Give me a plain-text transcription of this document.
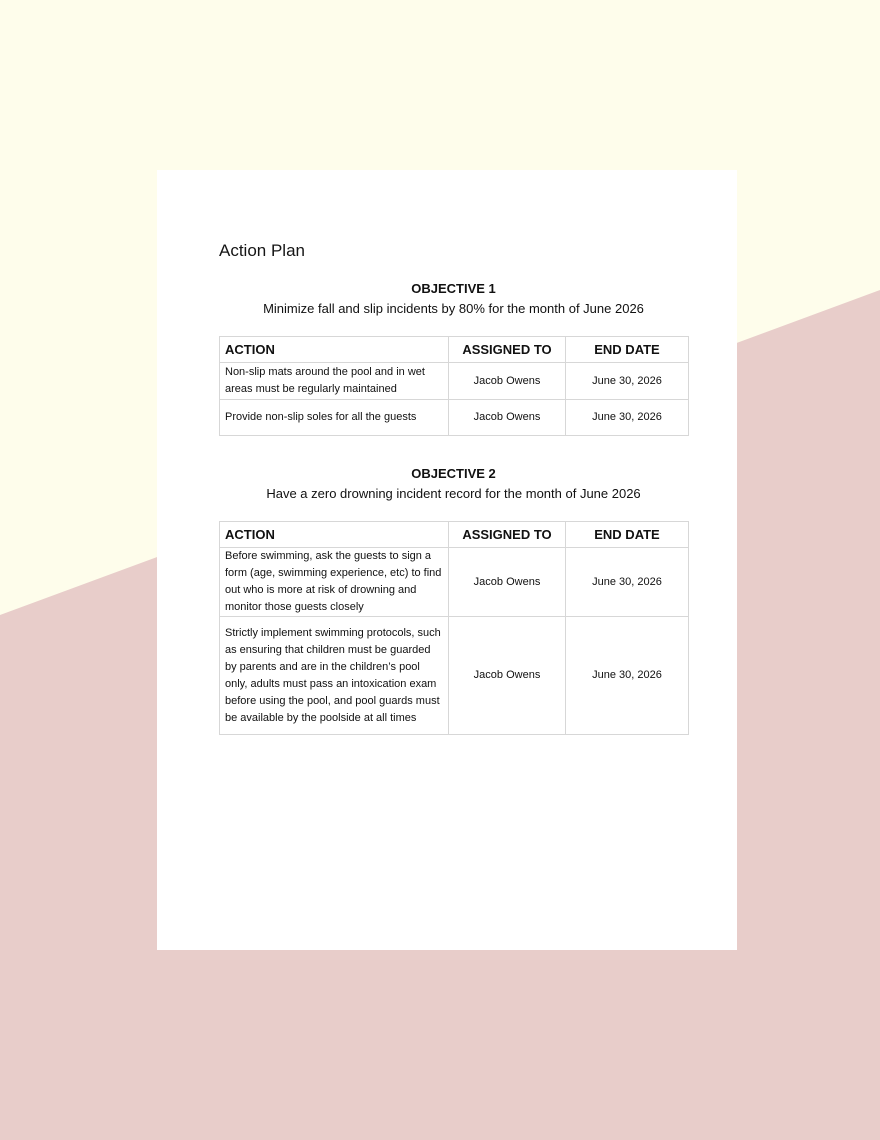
Action Plan
OBJECTIVE 1
Minimize fall and slip incidents by 80% for the month of June 2026
ACTION	ASSIGNED TO	END DATE
Non-slip mats around the pool and in wet areas must be regularly maintained	Jacob Owens	June 30, 2026
Provide non-slip soles for all the guests	Jacob Owens	June 30, 2026
OBJECTIVE 2
Have a zero drowning incident record for the month of June 2026
ACTION	ASSIGNED TO	END DATE
Before swimming, ask the guests to sign a form (age, swimming experience, etc) to find out who is more at risk of drowning and monitor those guests closely	Jacob Owens	June 30, 2026
Strictly implement swimming protocols, such as ensuring that children must be guarded by parents and are in the children’s pool only, adults must pass an intoxication exam before using the pool, and pool guards must be available by the poolside at all times	Jacob Owens	June 30, 2026
